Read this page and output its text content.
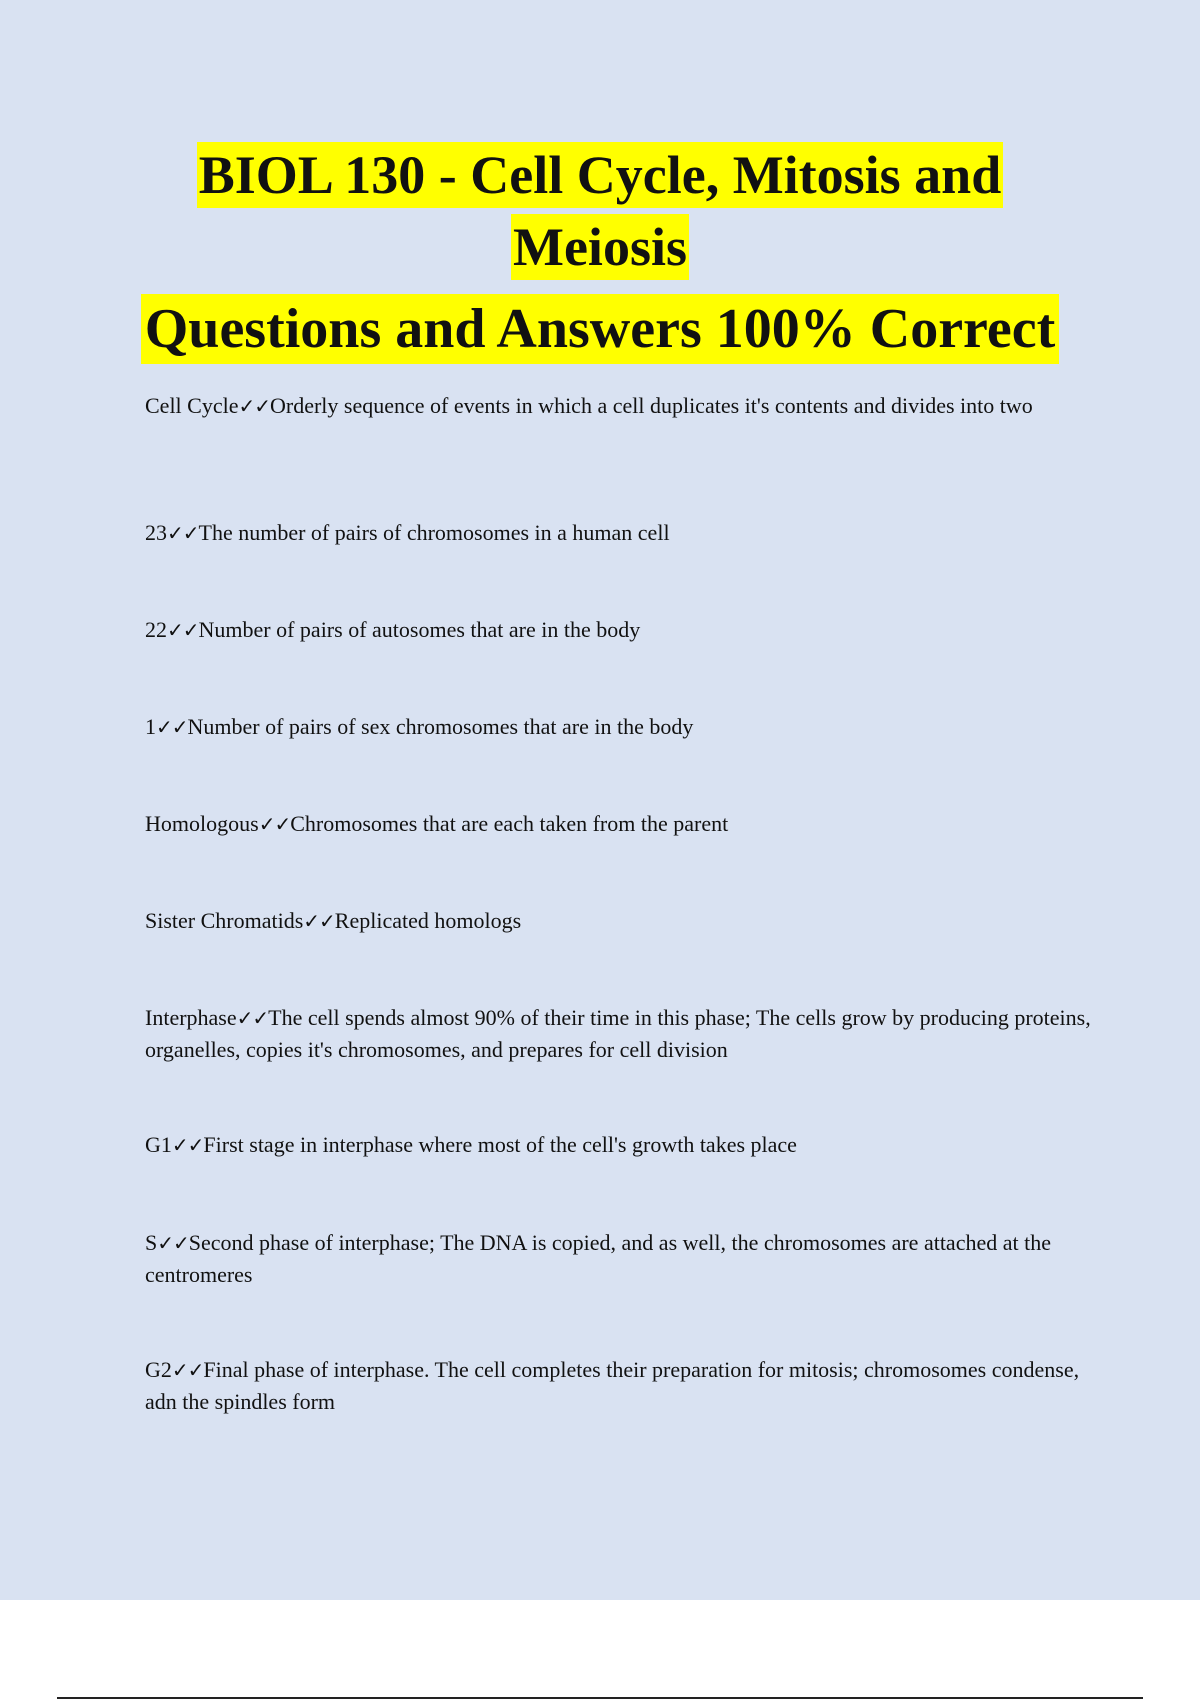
BIOL 130 - Cell Cycle, Mitosis and
Meiosis
Questions and Answers 100% Correct
Cell Cycle✓✓Orderly sequence of events in which a cell duplicates it's contents and divides into two
23✓✓The number of pairs of chromosomes in a human cell
22✓✓Number of pairs of autosomes that are in the body
1✓✓Number of pairs of sex chromosomes that are in the body
Homologous✓✓Chromosomes that are each taken from the parent
Sister Chromatids✓✓Replicated homologs
Interphase✓✓The cell spends almost 90% of their time in this phase; The cells grow by producing proteins, organelles, copies it's chromosomes, and prepares for cell division
G1✓✓First stage in interphase where most of the cell's growth takes place
S✓✓Second phase of interphase; The DNA is copied, and as well, the chromosomes are attached at the centromeres
G2✓✓Final phase of interphase. The cell completes their preparation for mitosis; chromosomes condense, adn the spindles form
